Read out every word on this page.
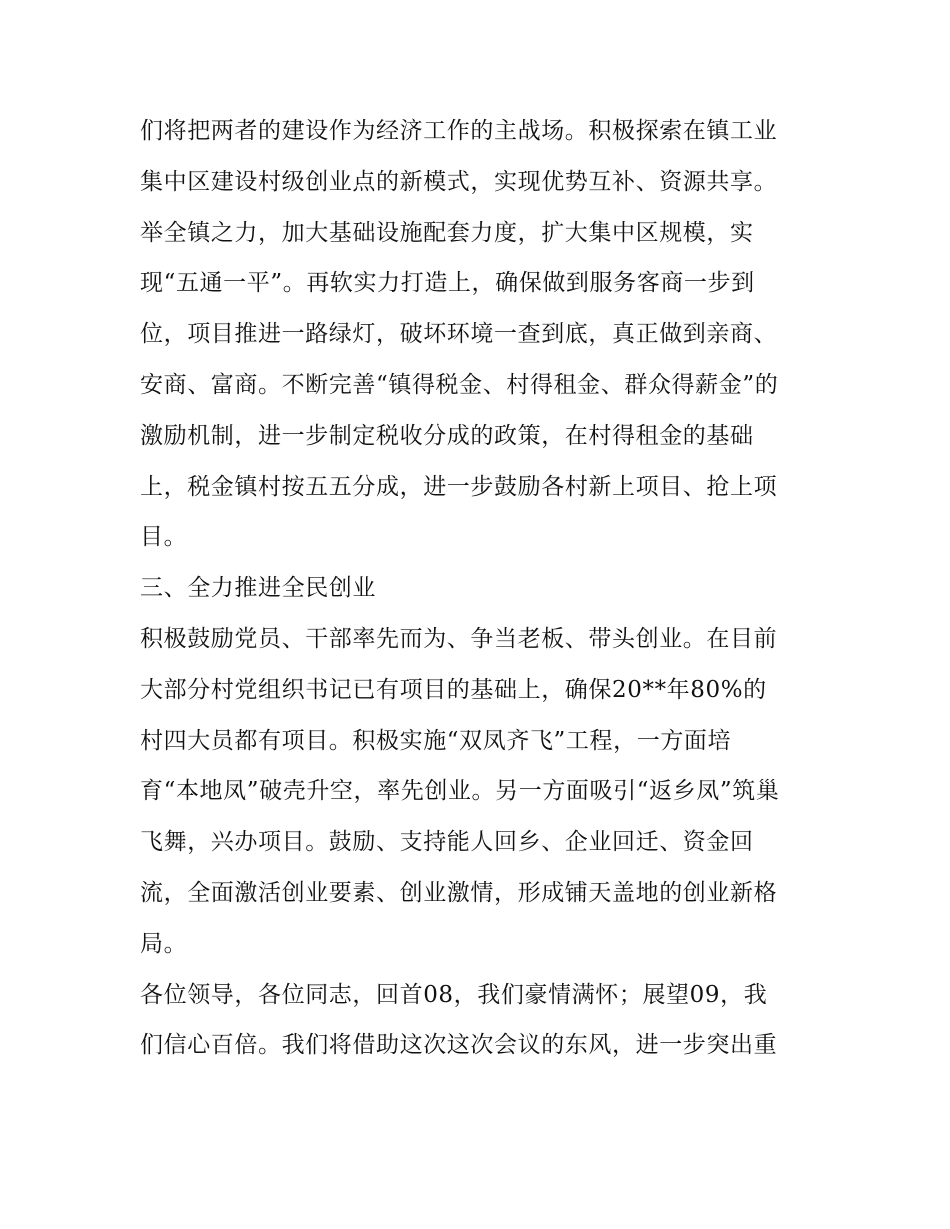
们将把两者的建设作为经济工作的主战场。积极探索在镇工业
集中区建设村级创业点的新模式，实现优势互补、资源共享。
举全镇之力，加大基础设施配套力度，扩大集中区规模，实
现“五通一平”。再软实力打造上，确保做到服务客商一步到
位，项目推进一路绿灯，破坏环境一查到底，真正做到亲商、
安商、富商。不断完善“镇得税金、村得租金、群众得薪金”的
激励机制，进一步制定税收分成的政策，在村得租金的基础
上，税金镇村按五五分成，进一步鼓励各村新上项目、抢上项
目。
三、全力推进全民创业
积极鼓励党员、干部率先而为、争当老板、带头创业。在目前
大部分村党组织书记已有项目的基础上，确保20**年80%的
村四大员都有项目。积极实施“双凤齐飞”工程，一方面培
育“本地凤”破壳升空，率先创业。另一方面吸引“返乡凤”筑巢
飞舞，兴办项目。鼓励、支持能人回乡、企业回迁、资金回
流，全面激活创业要素、创业激情，形成铺天盖地的创业新格
局。
各位领导，各位同志，回首08，我们豪情满怀；展望09，我
们信心百倍。我们将借助这次这次会议的东风，进一步突出重
